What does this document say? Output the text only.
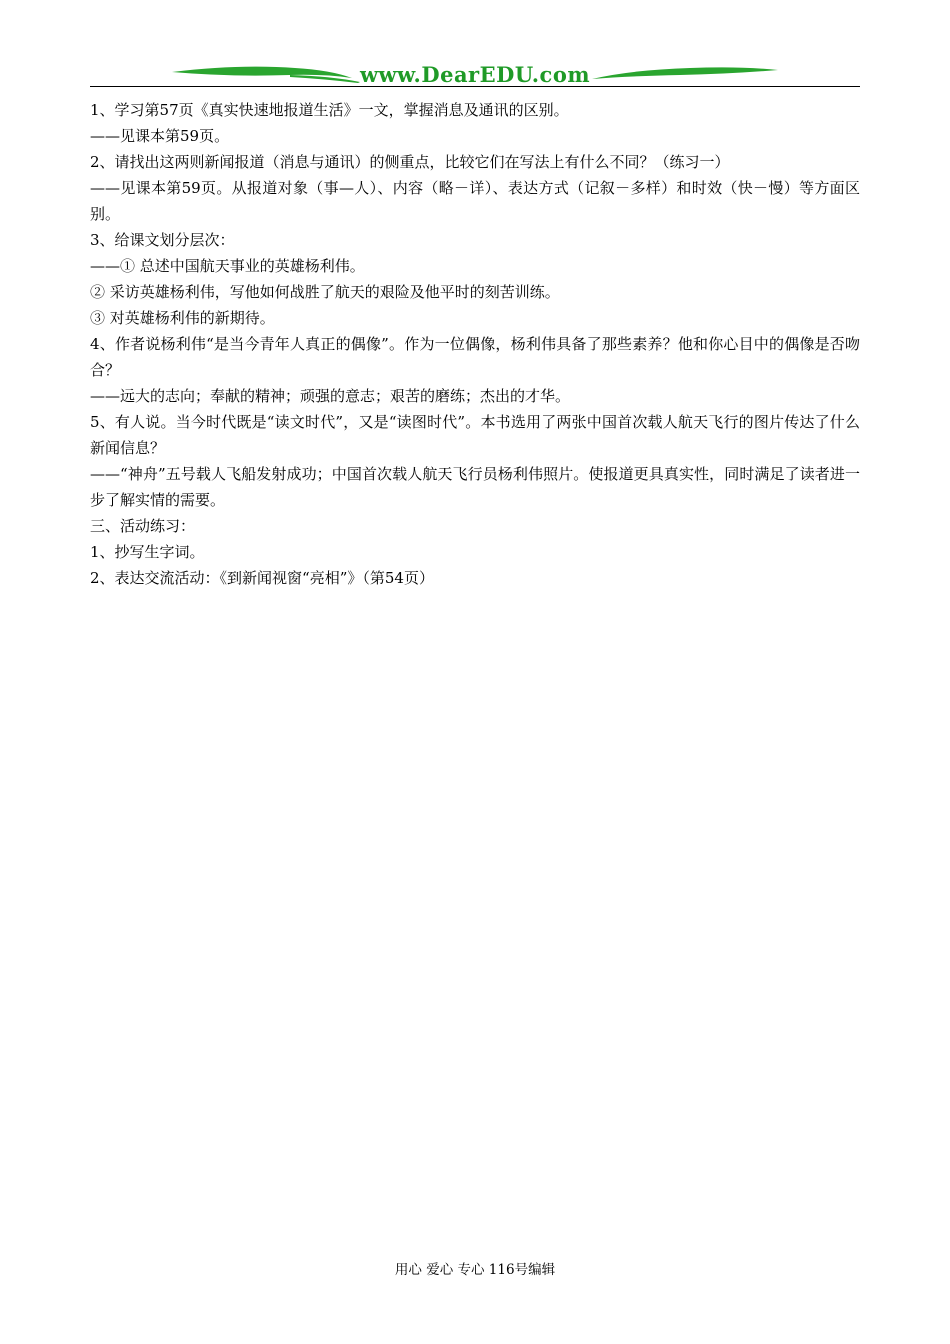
www.DearEDU.com

1、学习第57页《真实快速地报道生活》一文，掌握消息及通讯的区别。

——见课本第59页。

2、请找出这两则新闻报道（消息与通讯）的侧重点，比较它们在写法上有什么不同？（练习一）

——见课本第59页。从报道对象（事—人）、内容（略－详）、表达方式（记叙－多样）和时效（快－慢）等方面区别。

3、给课文划分层次：

——① 总述中国航天事业的英雄杨利伟。

② 采访英雄杨利伟，写他如何战胜了航天的艰险及他平时的刻苦训练。

③ 对英雄杨利伟的新期待。

4、作者说杨利伟“是当今青年人真正的偶像”。作为一位偶像，杨利伟具备了那些素养？他和你心目中的偶像是否吻合？

——远大的志向；奉献的精神；顽强的意志；艰苦的磨练；杰出的才华。

5、有人说。当今时代既是“读文时代”，又是“读图时代”。本书选用了两张中国首次载人航天飞行的图片传达了什么新闻信息？

——“神舟”五号载人飞船发射成功；中国首次载人航天飞行员杨利伟照片。使报道更具真实性，同时满足了读者进一步了解实情的需要。

三、活动练习：

1、抄写生字词。

2、表达交流活动：《到新闻视窗“亮相”》（第54页）

用心 爱心 专心 116号编辑
